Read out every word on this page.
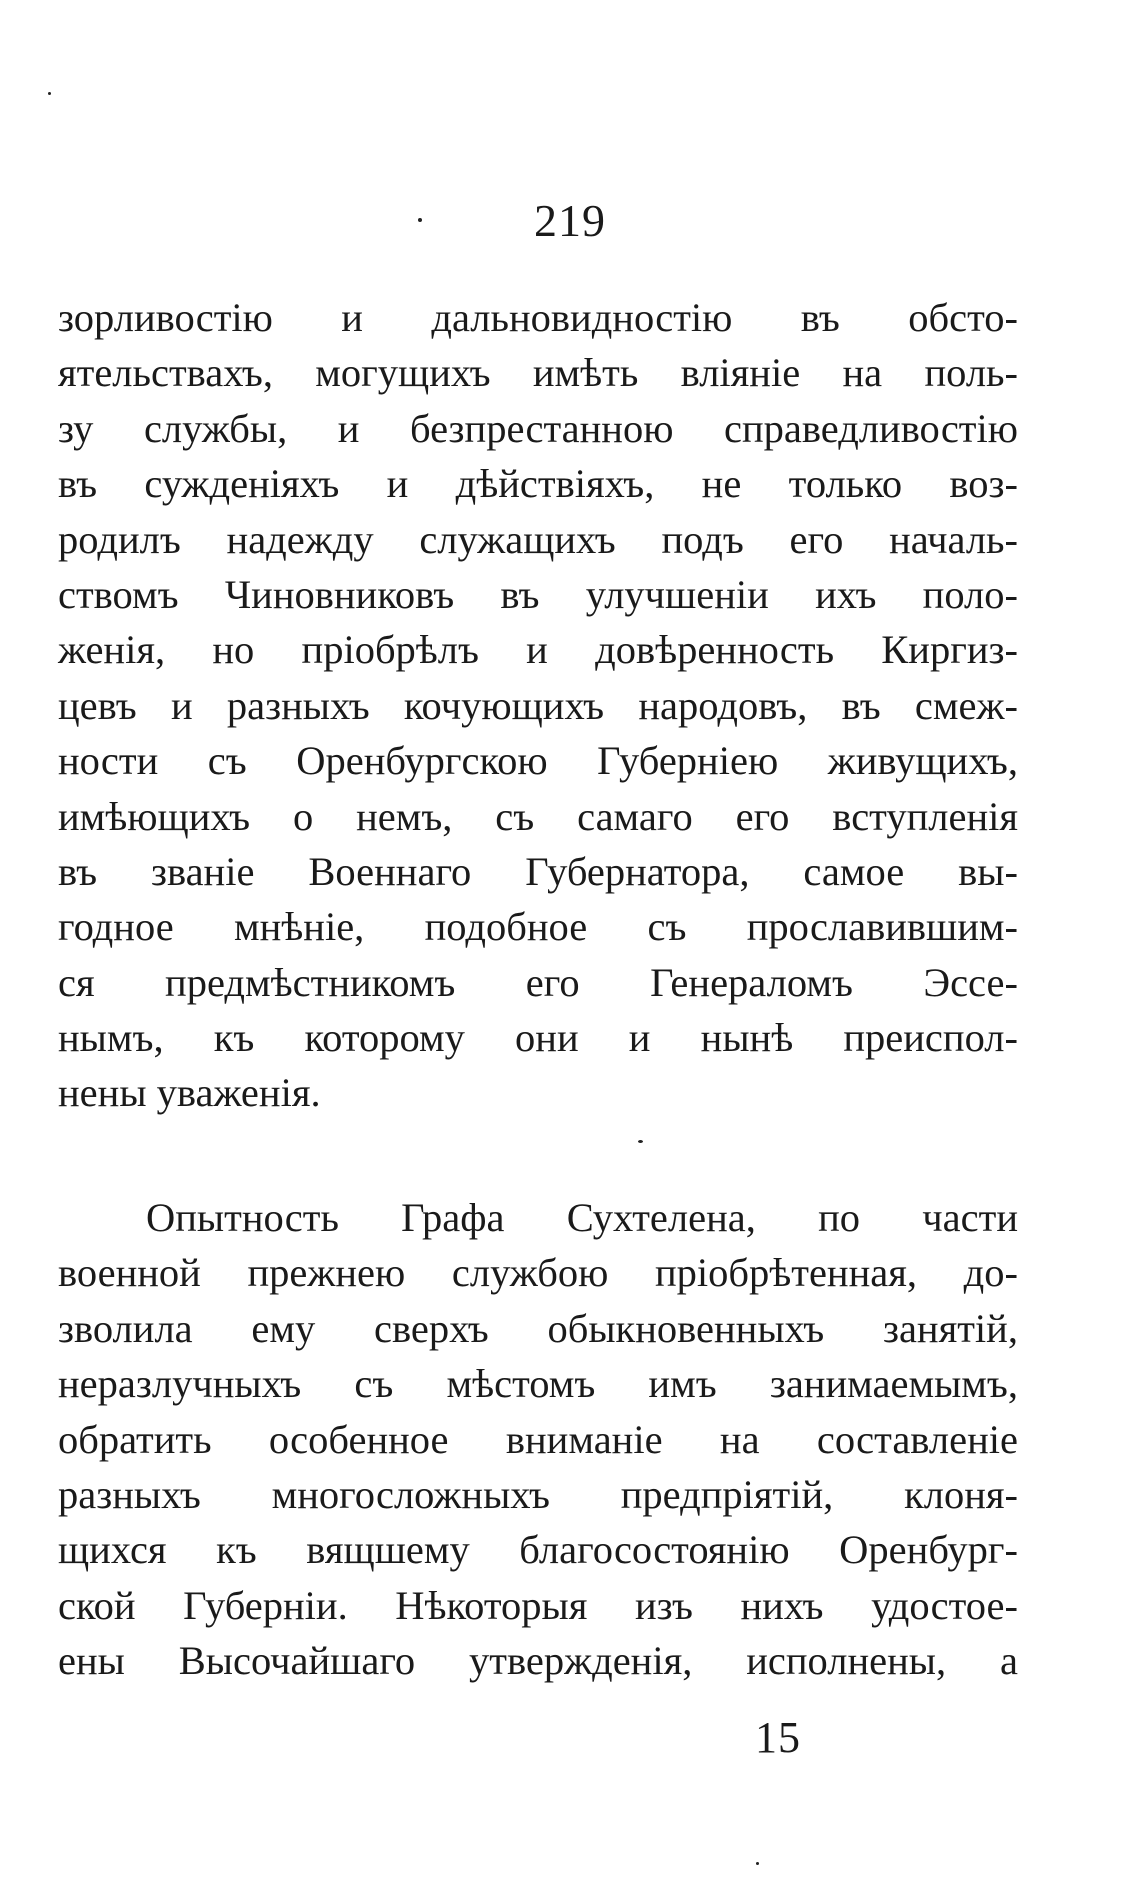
219
зорливостію и дальновидностію въ обсто-
ятельствахъ, могущихъ имѣть вліяніе на поль-
зу службы, и безпрестанною справедливостію
въ сужденіяхъ и дѣйствіяхъ, не только воз-
родилъ надежду служащихъ подъ его началь-
ствомъ Чиновниковъ въ улучшеніи ихъ поло-
женія, но пріобрѣлъ и довѣренность Киргиз-
цевъ и разныхъ кочующихъ народовъ, въ смеж-
ности съ Оренбургскою Губерніею живущихъ,
имѣющихъ о немъ, съ самаго его вступленія
въ званіе Военнаго Губернатора, самое вы-
годное мнѣніе, подобное съ прославившим-
ся предмѣстникомъ его Генераломъ Эссе-
нымъ, къ которому они и нынѣ преиспол-
нены уваженія.
Опытность Графа Сухтелена, по части
военной прежнею службою пріобрѣтенная, до-
зволила ему сверхъ обыкновенныхъ занятій,
неразлучныхъ съ мѣстомъ имъ занимаемымъ,
обратить особенное вниманіе на составленіе
разныхъ многосложныхъ предпріятій, клоня-
щихся къ вящшему благосостоянію Оренбург-
ской Губерніи. Нѣкоторыя изъ нихъ удостое-
ены Высочайшаго утвержденія, исполнены, а
15
